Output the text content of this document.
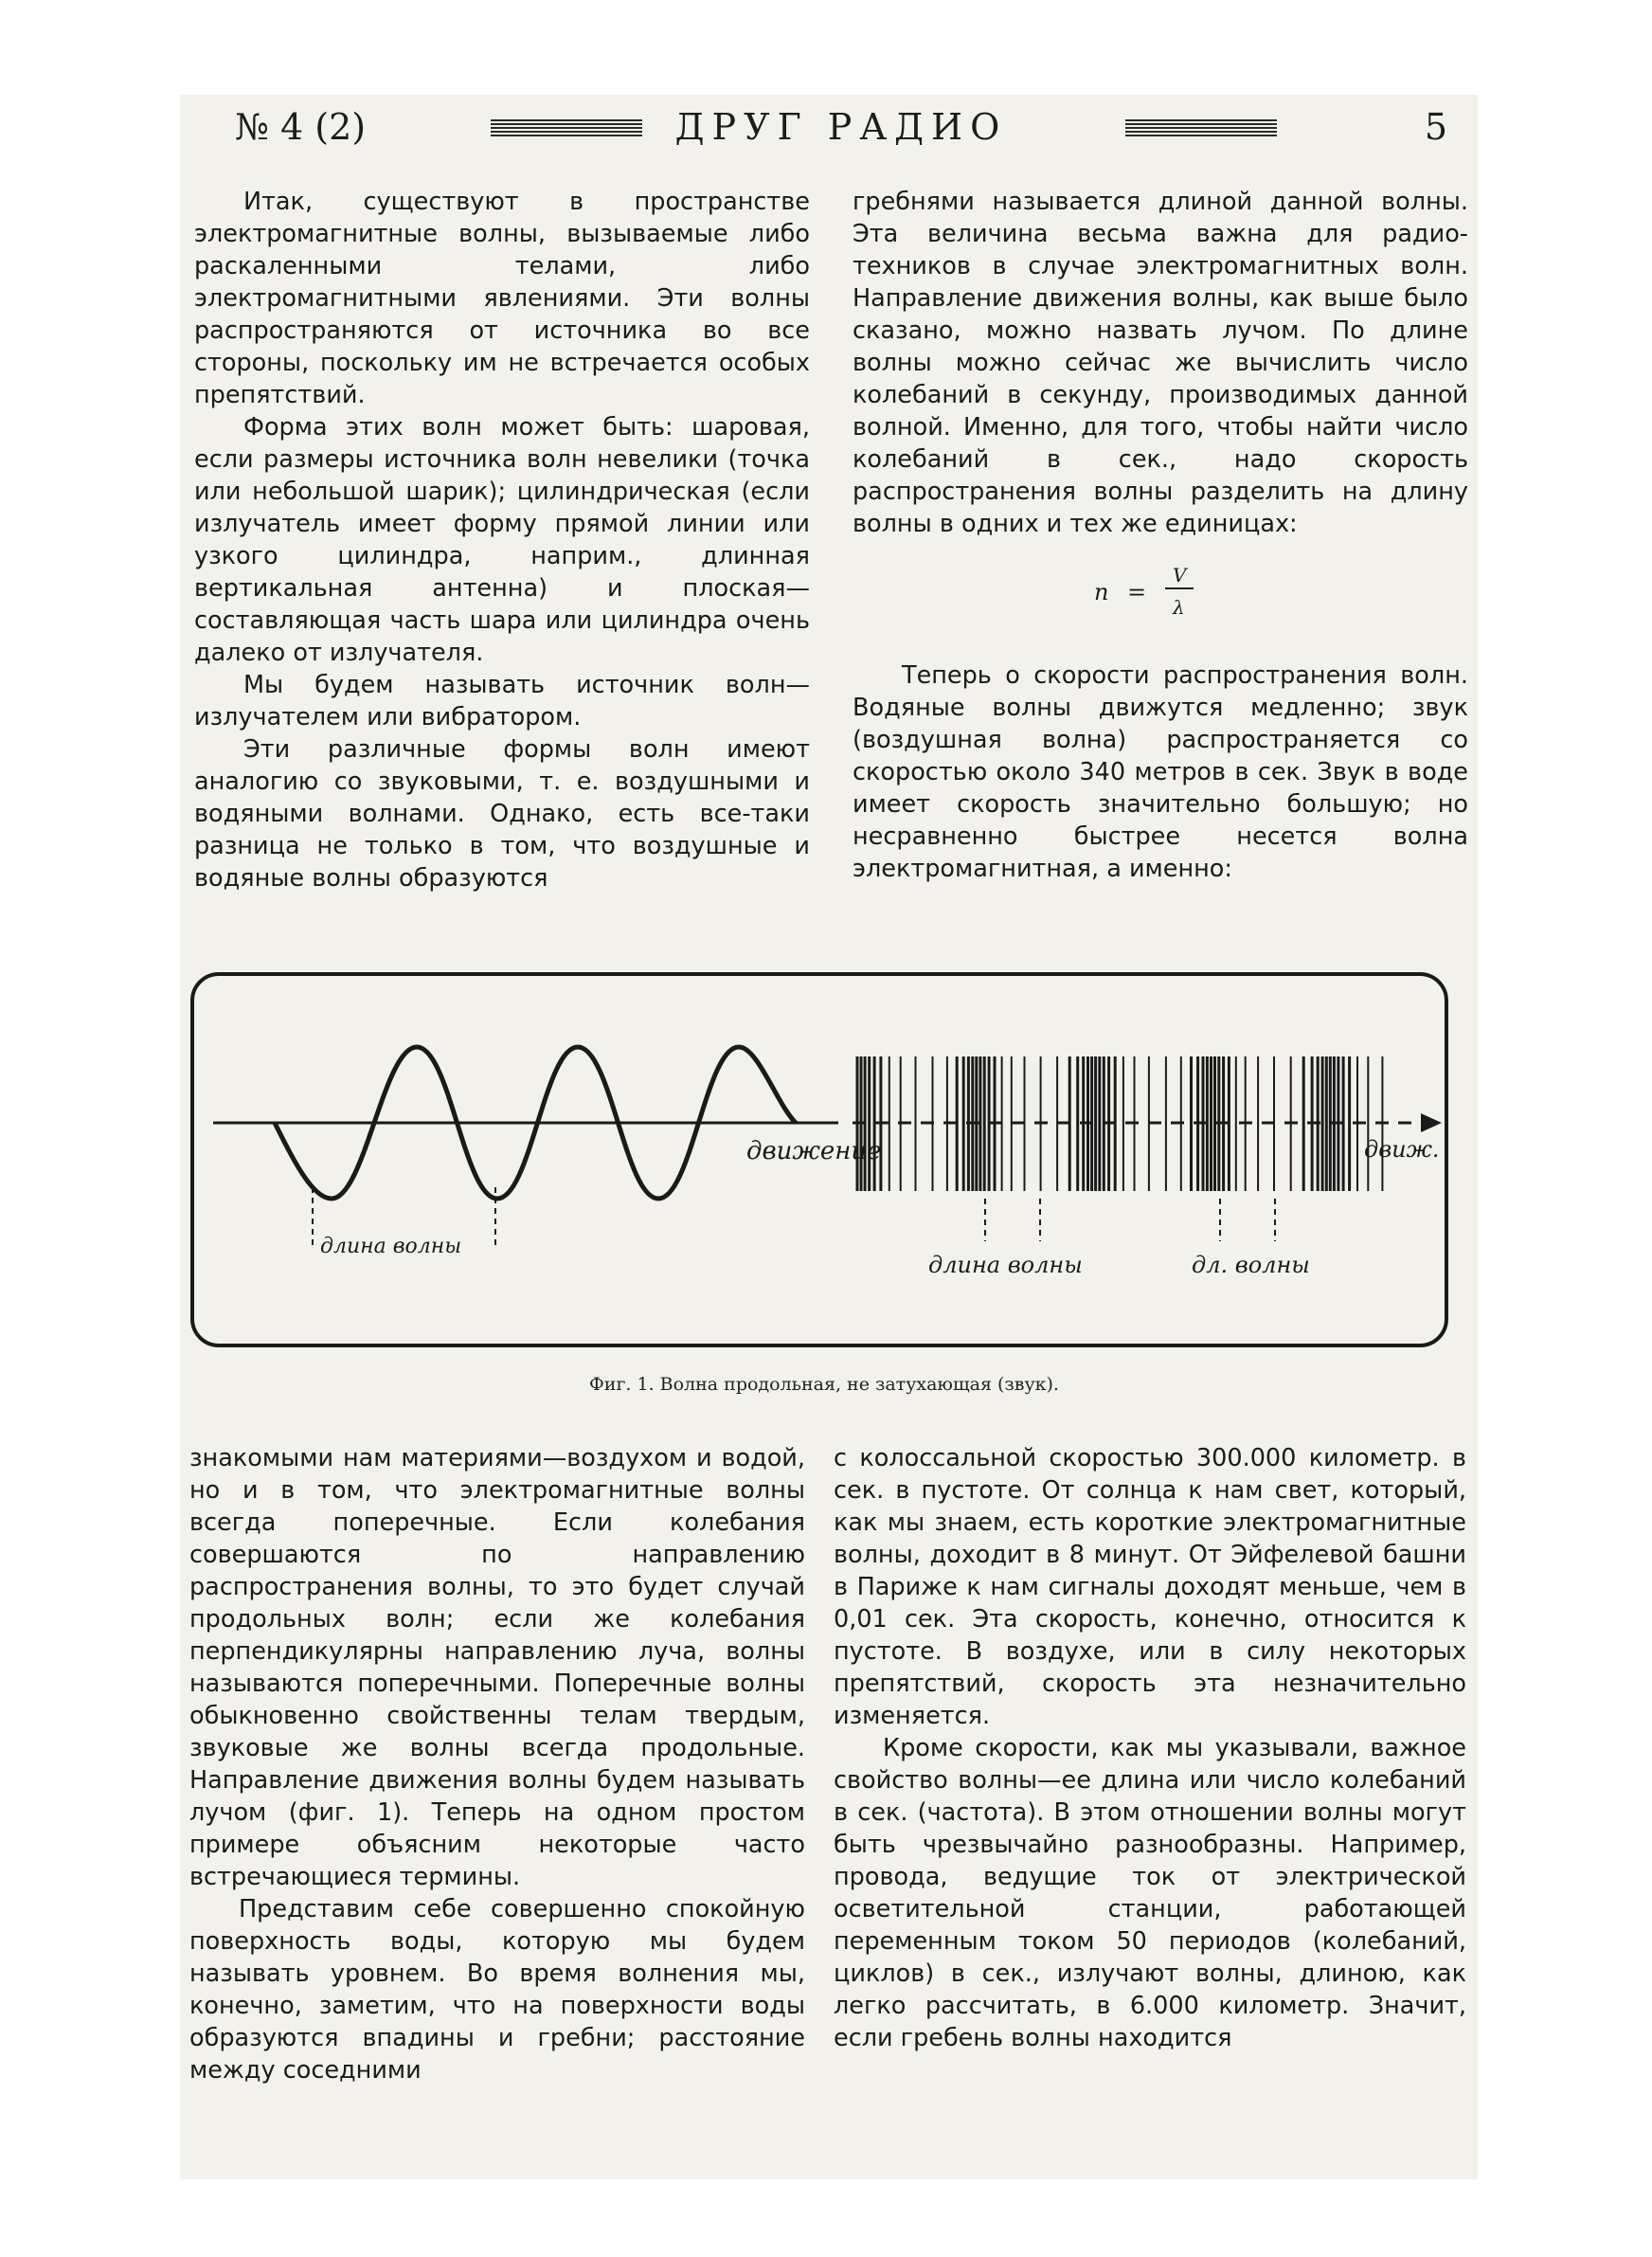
№ 4 (2)	ДРУГ РАДИО	5

Итак, существуют в пространстве электромагнитные волны, вызываемые либо раскаленными телами, либо электромагнитными явлениями. Эти волны распространяются от источника во все стороны, поскольку им не встречается особых препятствий.

Форма этих волн может быть: шаровая, если размеры источника волн невелики (точка или небольшой шарик); цилиндрическая (если излучатель имеет форму прямой линии или узкого цилиндра, наприм., длинная вертикальная антенна) и плоская—составляющая часть шара или цилиндра очень далеко от излучателя.

Мы будем называть источник волн— излучателем или вибратором.

Эти различные формы волн имеют аналогию со звуковыми, т. е. воздушными и водяными волнами. Однако, есть все-таки разница не только в том, что воздушные и водяные волны образуются

гребнями называется длиной данной волны. Эта величина весьма важна для радио-техников в случае электромагнитных волн. Направление движения волны, как выше было сказано, можно назвать лучом. По длине волны можно сейчас же вычислить число колебаний в секунду, производимых данной волной. Именно, для того, чтобы найти число колебаний в сек., надо скорость распространения волны разделить на длину волны в одних и тех же единицах:

n =
V
λ

Теперь о скорости распространения волн. Водяные волны движутся медленно; звук (воздушная волна) распространяется со скоростью около 340 метров в сек. Звук в воде имеет скорость значительно большую; но несравненно быстрее несется волна электромагнитная, а именно:

движение
длина волны
движ.
длина волны	дл. волны
Фиг. 1. Волна продольная, не затухающая (звук).

знакомыми нам материями—воздухом и водой, но и в том, что электромагнитные волны всегда поперечные. Если колебания совершаются по направлению распространения волны, то это будет случай продольных волн; если же колебания перпендикулярны направлению луча, волны называются поперечными. Поперечные волны обыкновенно свойственны телам твердым, звуковые же волны всегда продольные. Направление движения волны будем называть лучом (фиг. 1). Теперь на одном простом примере объясним некоторые часто встречающиеся термины.

Представим себе совершенно спокойную поверхность воды, которую мы будем называть уровнем. Во время волнения мы, конечно, заметим, что на поверхности воды образуются впадины и гребни; расстояние между соседними

с колоссальной скоростью 300.000 километр. в сек. в пустоте. От солнца к нам свет, который, как мы знаем, есть короткие электромагнитные волны, доходит в 8 минут. От Эйфелевой башни в Париже к нам сигналы доходят меньше, чем в 0,01 сек. Эта скорость, конечно, относится к пустоте. В воздухе, или в силу некоторых препятствий, скорость эта незначительно изменяется.

Кроме скорости, как мы указывали, важное свойство волны—ее длина или число колебаний в сек. (частота). В этом отношении волны могут быть чрезвычайно разнообразны. Например, провода, ведущие ток от электрической осветительной станции, работающей переменным током 50 периодов (колебаний, циклов) в сек., излучают волны, длиною, как легко рассчитать, в 6.000 километр. Значит, если гребень волны находится
